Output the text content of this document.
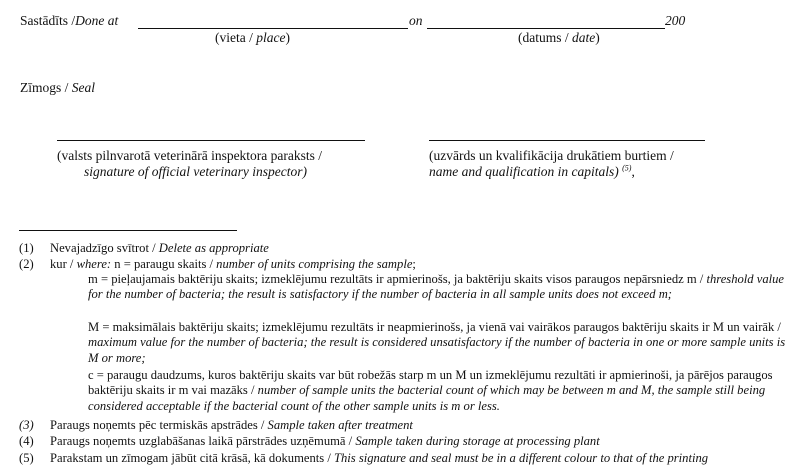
Sastādīts /Done at	on	200
(vieta / place)	(datums / date)
Zīmogs / Seal
(valsts pilnvarotā veterinārā inspektora paraksts /
signature of official veterinary inspector)
(uzvārds un kvalifikācija drukātiem burtiem /
name and qualification in capitals) $^{(5)}$,
(1) Nevajadzīgo svītrot / Delete as appropriate
(2) kur / where: n = paraugu skaits / number of units comprising the sample;
m = pieļaujamais baktēriju skaits; izmeklējumu rezultāts ir apmierinošs, ja baktēriju skaits visos paraugos nepārsniedz m / threshold value for the number of bacteria; the result is satisfactory if the number of bacteria in all sample units does not exceed m;
M = maksimālais baktēriju skaits; izmeklējumu rezultāts ir neapmierinošs, ja vienā vai vairākos paraugos baktēriju skaits ir M un vairāk / maximum value for the number of bacteria; the result is considered unsatisfactory if the number of bacteria in one or more sample units is M or more;
c = paraugu daudzums, kuros baktēriju skaits var būt robežās starp m un M un izmeklējumu rezultāti ir apmierinoši, ja pārējos paraugos baktēriju skaits ir m vai mazāks / number of sample units the bacterial count of which may be between m and M, the sample still being considered acceptable if the bacterial count of the other sample units is m or less.
(3) Paraugs noņemts pēc termiskās apstrādes / Sample taken after treatment
(4) Paraugs noņemts uzglabāšanas laikā pārstrādes uzņēmumā / Sample taken during storage at processing plant
(5) Parakstam un zīmogam jābūt citā krāsā, kā dokuments / This signature and seal must be in a different colour to that of the printing
